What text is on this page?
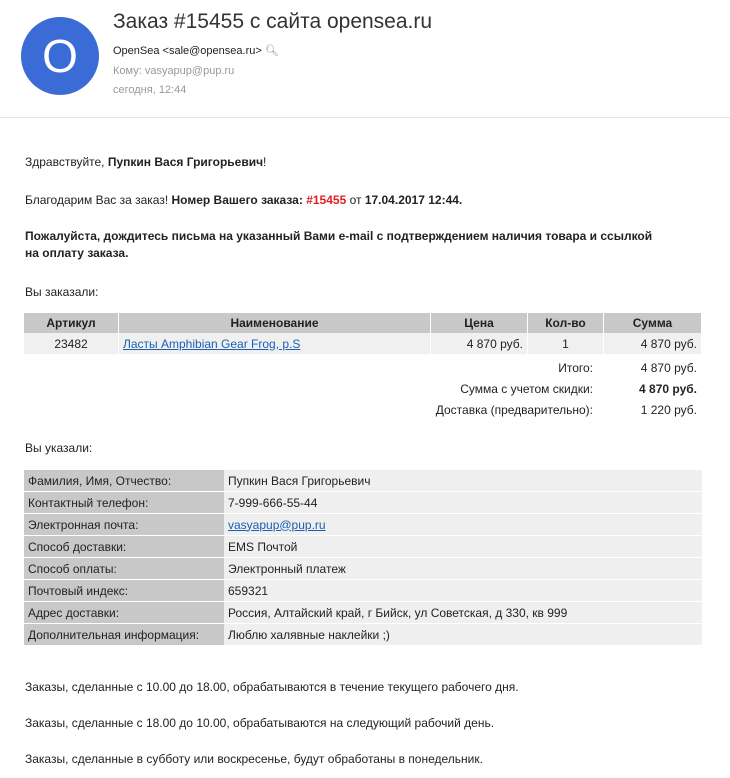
O
Заказ #15455 с сайта opensea.ru
OpenSea <sale@opensea.ru> 🔍︎
Кому: vasyapup@pup.ru
сегодня, 12:44
Здравствуйте, Пупкин Вася Григорьевич!
Благодарим Вас за заказ! Номер Вашего заказа: #15455 от 17.04.2017 12:44.
Пожалуйста, дождитесь письма на указанный Вами e-mail с подтверждением наличия товара и ссылкой
на оплату заказа.
Вы заказали:
Артикул	Наименование	Цена	Кол-во	Сумма
23482	Ласты Amphibian Gear Frog, p.S	4 870 руб.	1	4 870 руб.
Итого:	4 870 руб.
Сумма с учетом скидки:	4 870 руб.
Доставка (предварительно):	1 220 руб.
Вы указали:
Фамилия, Имя, Отчество:	Пупкин Вася Григорьевич
Контактный телефон:	7-999-666-55-44
Электронная почта:	vasyapup@pup.ru
Способ доставки:	EMS Почтой
Способ оплаты:	Электронный платеж
Почтовый индекс:	659321
Адрес доставки:	Россия, Алтайский край, г Бийск, ул Советская, д 330, кв 999
Дополнительная информация:	Люблю халявные наклейки ;)
Заказы, сделанные с 10.00 до 18.00, обрабатываются в течение текущего рабочего дня.
Заказы, сделанные с 18.00 до 10.00, обрабатываются на следующий рабочий день.
Заказы, сделанные в субботу или воскресенье, будут обработаны в понедельник.
